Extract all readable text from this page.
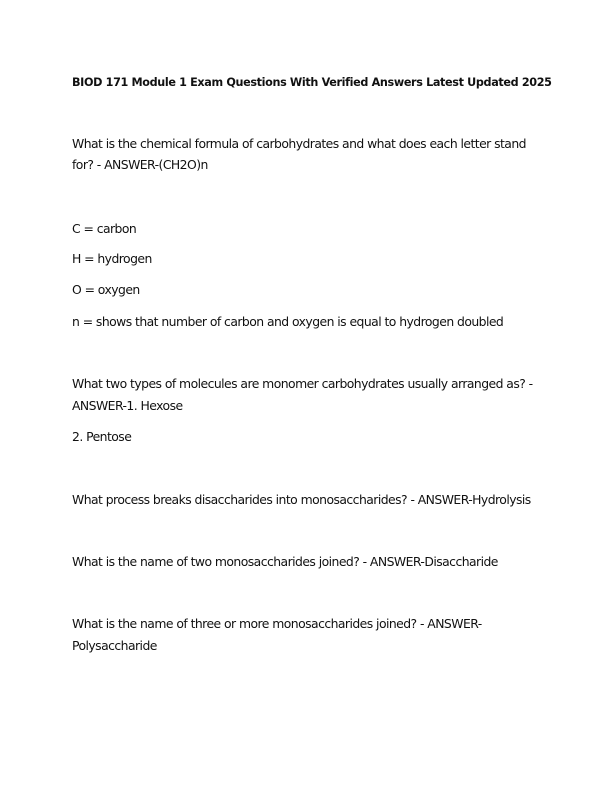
BIOD 171 Module 1 Exam Questions With Verified Answers Latest Updated 2025
What is the chemical formula of carbohydrates and what does each letter stand
for? - ANSWER-(CH2O)n
C = carbon
H = hydrogen
O = oxygen
n = shows that number of carbon and oxygen is equal to hydrogen doubled
What two types of molecules are monomer carbohydrates usually arranged as? -
ANSWER-1. Hexose
2. Pentose
What process breaks disaccharides into monosaccharides? - ANSWER-Hydrolysis
What is the name of two monosaccharides joined? - ANSWER-Disaccharide
What is the name of three or more monosaccharides joined? - ANSWER-
Polysaccharide
